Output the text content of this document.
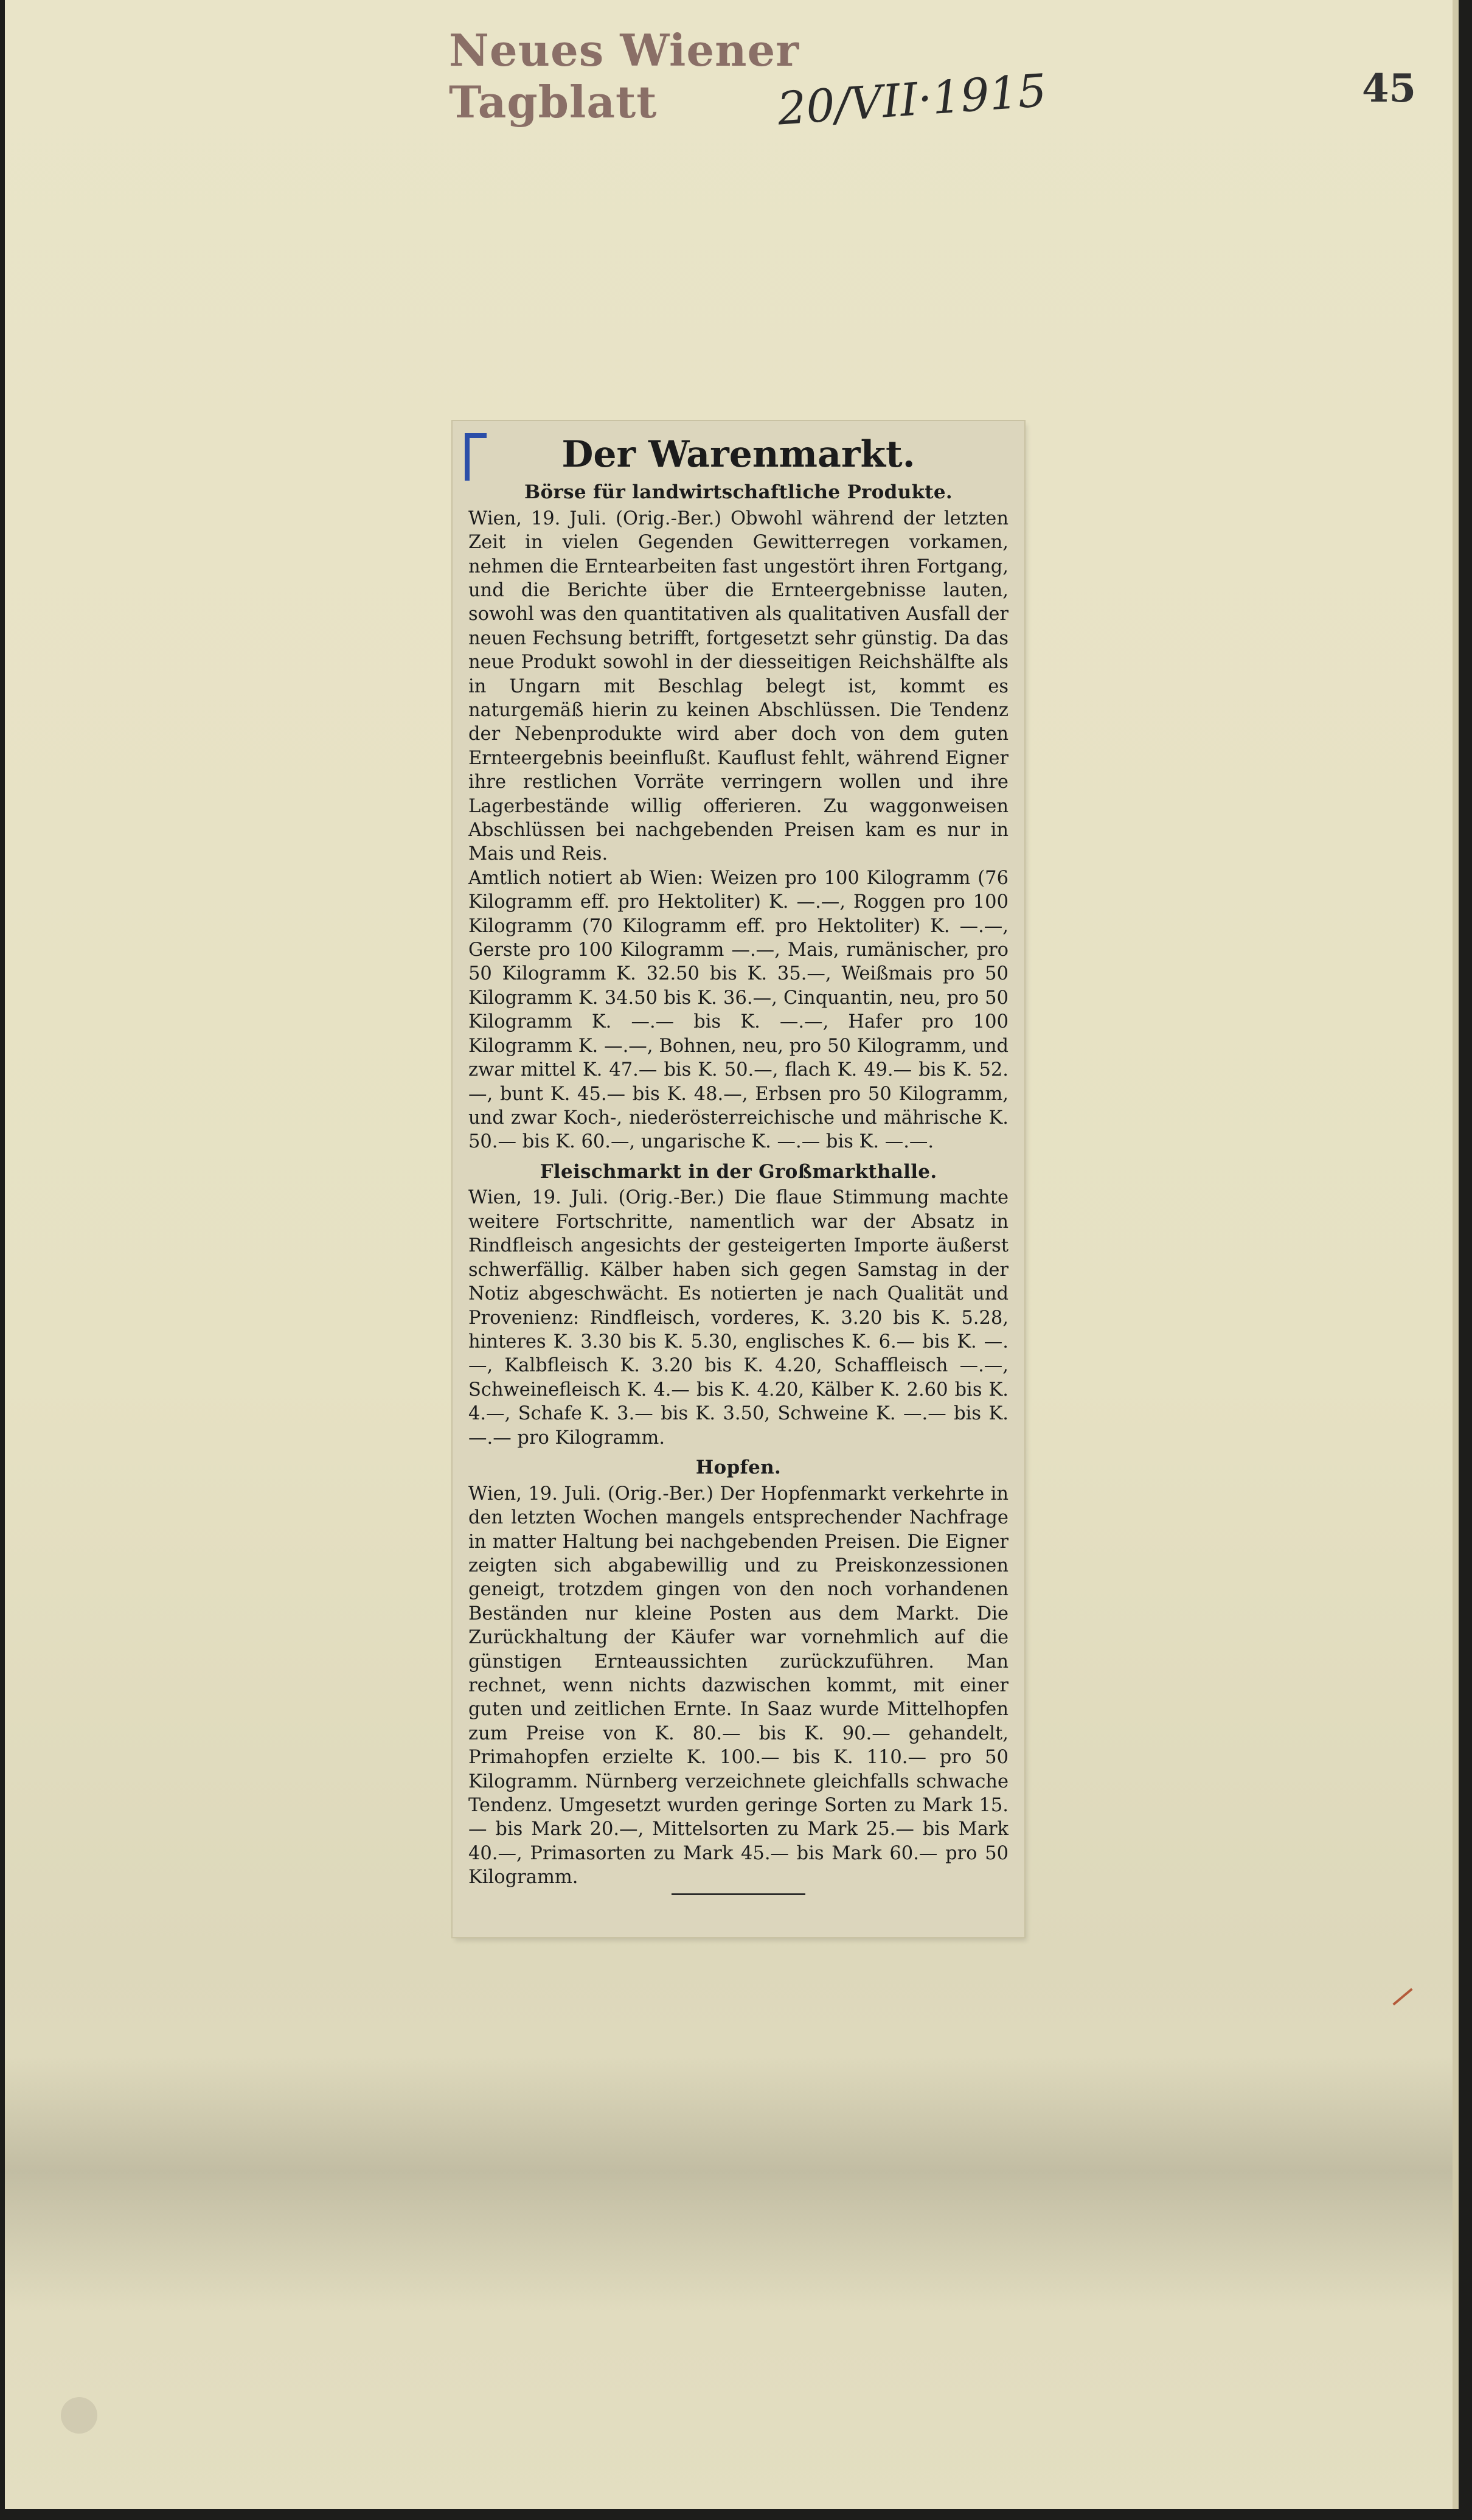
Neues Wiener Tagblatt	20/VII·1915	45
Der Warenmarkt.
Börse für landwirtschaftliche Produkte.

Wien, 19. Juli. (Orig.-Ber.) Obwohl während der letzten Zeit in vielen Gegenden Gewitterregen vorkamen, nehmen die Erntearbeiten fast ungestört ihren Fortgang, und die Berichte über die Ernteergebnisse lauten, sowohl was den quantitativen als qualitativen Ausfall der neuen Fechsung betrifft, fortgesetzt sehr günstig. Da das neue Produkt sowohl in der diesseitigen Reichshälfte als in Ungarn mit Beschlag belegt ist, kommt es naturgemäß hierin zu keinen Abschlüssen. Die Tendenz der Nebenprodukte wird aber doch von dem guten Ernteergebnis beeinflußt. Kauflust fehlt, während Eigner ihre restlichen Vorräte verringern wollen und ihre Lagerbestände willig offerieren. Zu waggonweisen Abschlüssen bei nachgebenden Preisen kam es nur in Mais und Reis.

Amtlich notiert ab Wien: Weizen pro 100 Kilogramm (76 Kilogramm eff. pro Hektoliter) K. —.—, Roggen pro 100 Kilogramm (70 Kilogramm eff. pro Hektoliter) K. —.—, Gerste pro 100 Kilogramm —.—, Mais, rumänischer, pro 50 Kilogramm K. 32.50 bis K. 35.—, Weißmais pro 50 Kilogramm K. 34.50 bis K. 36.—, Cinquantin, neu, pro 50 Kilogramm K. —.— bis K. —.—, Hafer pro 100 Kilogramm K. —.—, Bohnen, neu, pro 50 Kilogramm, und zwar mittel K. 47.— bis K. 50.—, flach K. 49.— bis K. 52.—, bunt K. 45.— bis K. 48.—, Erbsen pro 50 Kilogramm, und zwar Koch-, niederösterreichische und mährische K. 50.— bis K. 60.—, ungarische K. —.— bis K. —.—.

Fleischmarkt in der Großmarkthalle.

Wien, 19. Juli. (Orig.-Ber.) Die flaue Stimmung machte weitere Fortschritte, namentlich war der Absatz in Rindfleisch angesichts der gesteigerten Importe äußerst schwerfällig. Kälber haben sich gegen Samstag in der Notiz abgeschwächt. Es notierten je nach Qualität und Provenienz: Rindfleisch, vorderes, K. 3.20 bis K. 5.28, hinteres K. 3.30 bis K. 5.30, englisches K. 6.— bis K. —.—, Kalbfleisch K. 3.20 bis K. 4.20, Schaffleisch —.—, Schweinefleisch K. 4.— bis K. 4.20, Kälber K. 2.60 bis K. 4.—, Schafe K. 3.— bis K. 3.50, Schweine K. —.— bis K. —.— pro Kilogramm.

Hopfen.

Wien, 19. Juli. (Orig.-Ber.) Der Hopfenmarkt verkehrte in den letzten Wochen mangels entsprechender Nachfrage in matter Haltung bei nachgebenden Preisen. Die Eigner zeigten sich abgabewillig und zu Preiskonzessionen geneigt, trotzdem gingen von den noch vorhandenen Beständen nur kleine Posten aus dem Markt. Die Zurückhaltung der Käufer war vornehmlich auf die günstigen Ernteaussichten zurückzuführen. Man rechnet, wenn nichts dazwischen kommt, mit einer guten und zeitlichen Ernte. In Saaz wurde Mittelhopfen zum Preise von K. 80.— bis K. 90.— gehandelt, Primahopfen erzielte K. 100.— bis K. 110.— pro 50 Kilogramm. Nürnberg verzeichnete gleichfalls schwache Tendenz. Umgesetzt wurden geringe Sorten zu Mark 15.— bis Mark 20.—, Mittelsorten zu Mark 25.— bis Mark 40.—, Primasorten zu Mark 45.— bis Mark 60.— pro 50 Kilogramm.
